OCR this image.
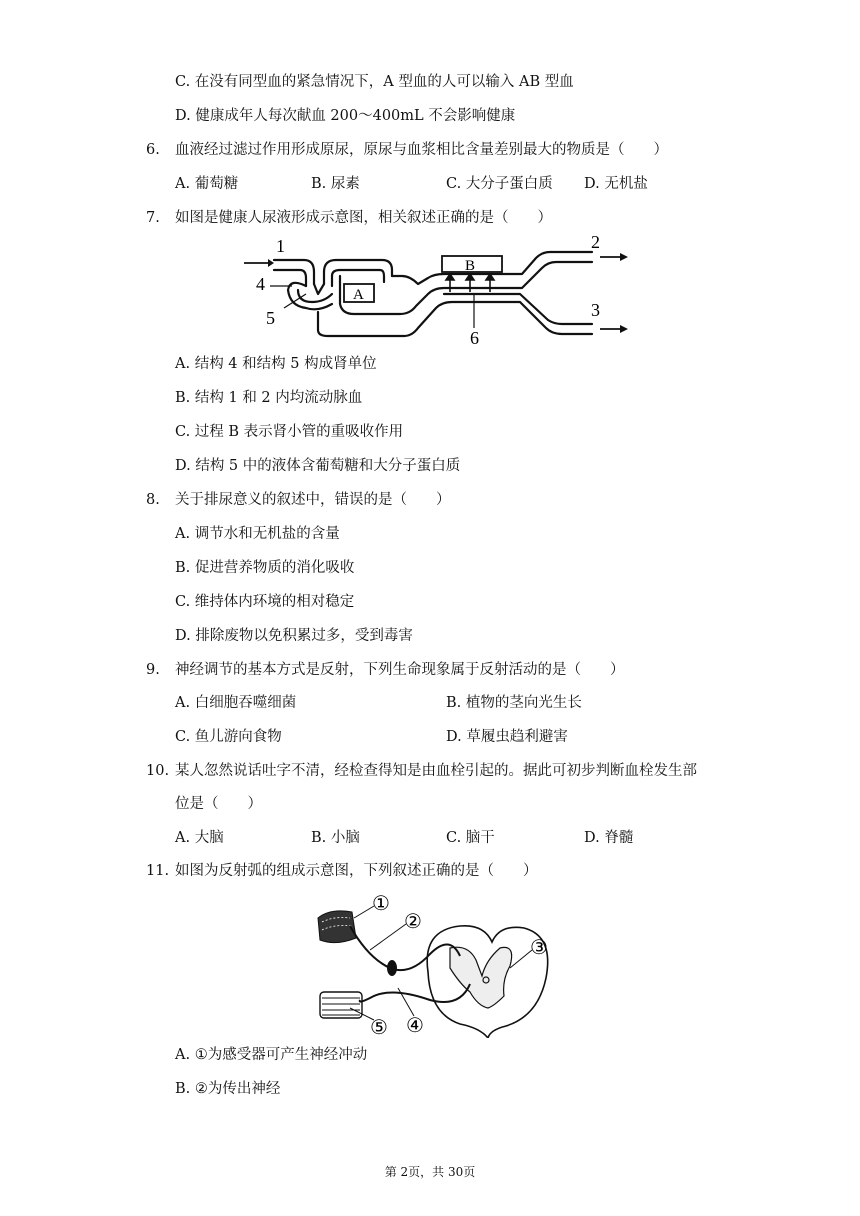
C. 在没有同型血的紧急情况下，A 型血的人可以输入 AB 型血
D. 健康成年人每次献血 200～400mL 不会影响健康
6. 血液经过滤过作用形成原尿，原尿与血浆相比含量差别最大的物质是（　　）
A. 葡萄糖	B. 尿素	C. 大分子蛋白质 D. 无机盐
7. 如图是健康人尿液形成示意图，相关叙述正确的是（　　）
1
4
5
2
3
6
A
B
A. 结构 4 和结构 5 构成肾单位
B. 结构 1 和 2 内均流动脉血
C. 过程 B 表示肾小管的重吸收作用
D. 结构 5 中的液体含葡萄糖和大分子蛋白质
8. 关于排尿意义的叙述中，错误的是（　　）
A. 调节水和无机盐的含量
B. 促进营养物质的消化吸收
C. 维持体内环境的相对稳定
D. 排除废物以免积累过多，受到毒害
9. 神经调节的基本方式是反射，下列生命现象属于反射活动的是（　　）
A. 白细胞吞噬细菌	B. 植物的茎向光生长
C. 鱼儿游向食物	D. 草履虫趋利避害
10. 某人忽然说话吐字不清，经检查得知是由血栓引起的。据此可初步判断血栓发生部
位是（　　）
A. 大脑	B. 小脑	C. 脑干	D. 脊髓
11. 如图为反射弧的组成示意图，下列叙述正确的是（　　）
①
②
③
④
⑤
A. ①为感受器可产生神经冲动
B. ②为传出神经
第 2页，共 30页
